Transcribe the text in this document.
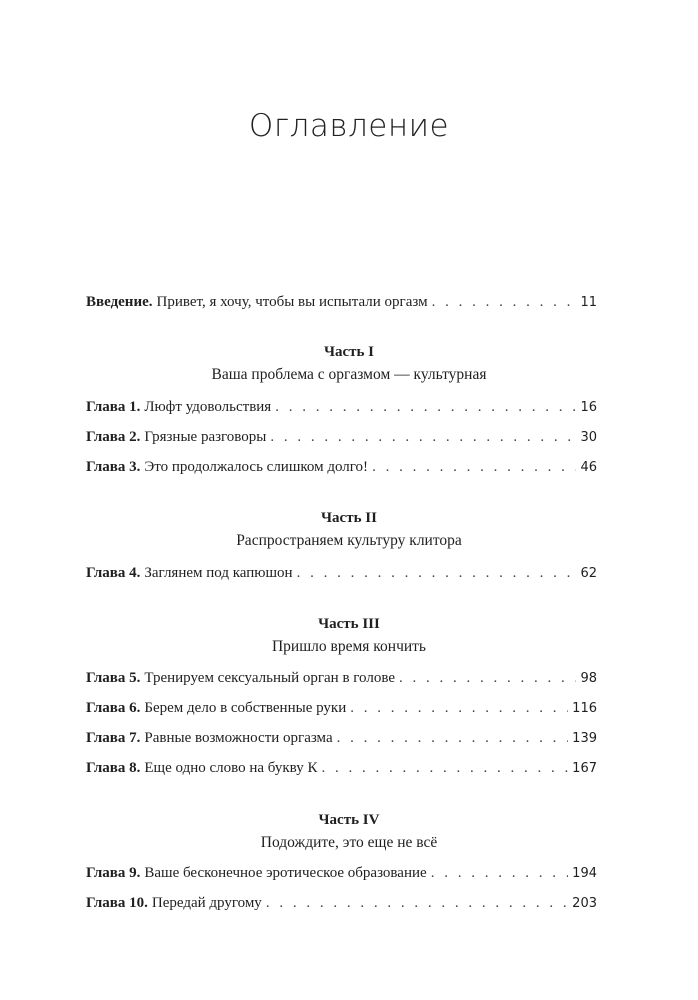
Оглавление
Введение. Привет, я хочу, чтобы вы испытали оргазм . . .	11
Часть I
Ваша проблема с оргазмом — культурная
Глава 1. Люфт удовольствия . . .	16
Глава 2. Грязные разговоры . . .	30
Глава 3. Это продолжалось слишком долго! . . .	46
Часть II
Распространяем культуру клитора
Глава 4. Заглянем под капюшон . . .	62
Часть III
Пришло время кончить
Глава 5. Тренируем сексуальный орган в голове . . .	98
Глава 6. Берем дело в собственные руки . . .	116
Глава 7. Равные возможности оргазма . . .	139
Глава 8. Еще одно слово на букву К . . .	167
Часть IV
Подождите, это еще не всё
Глава 9. Ваше бесконечное эротическое образование . . .	194
Глава 10. Передай другому . . .	203
